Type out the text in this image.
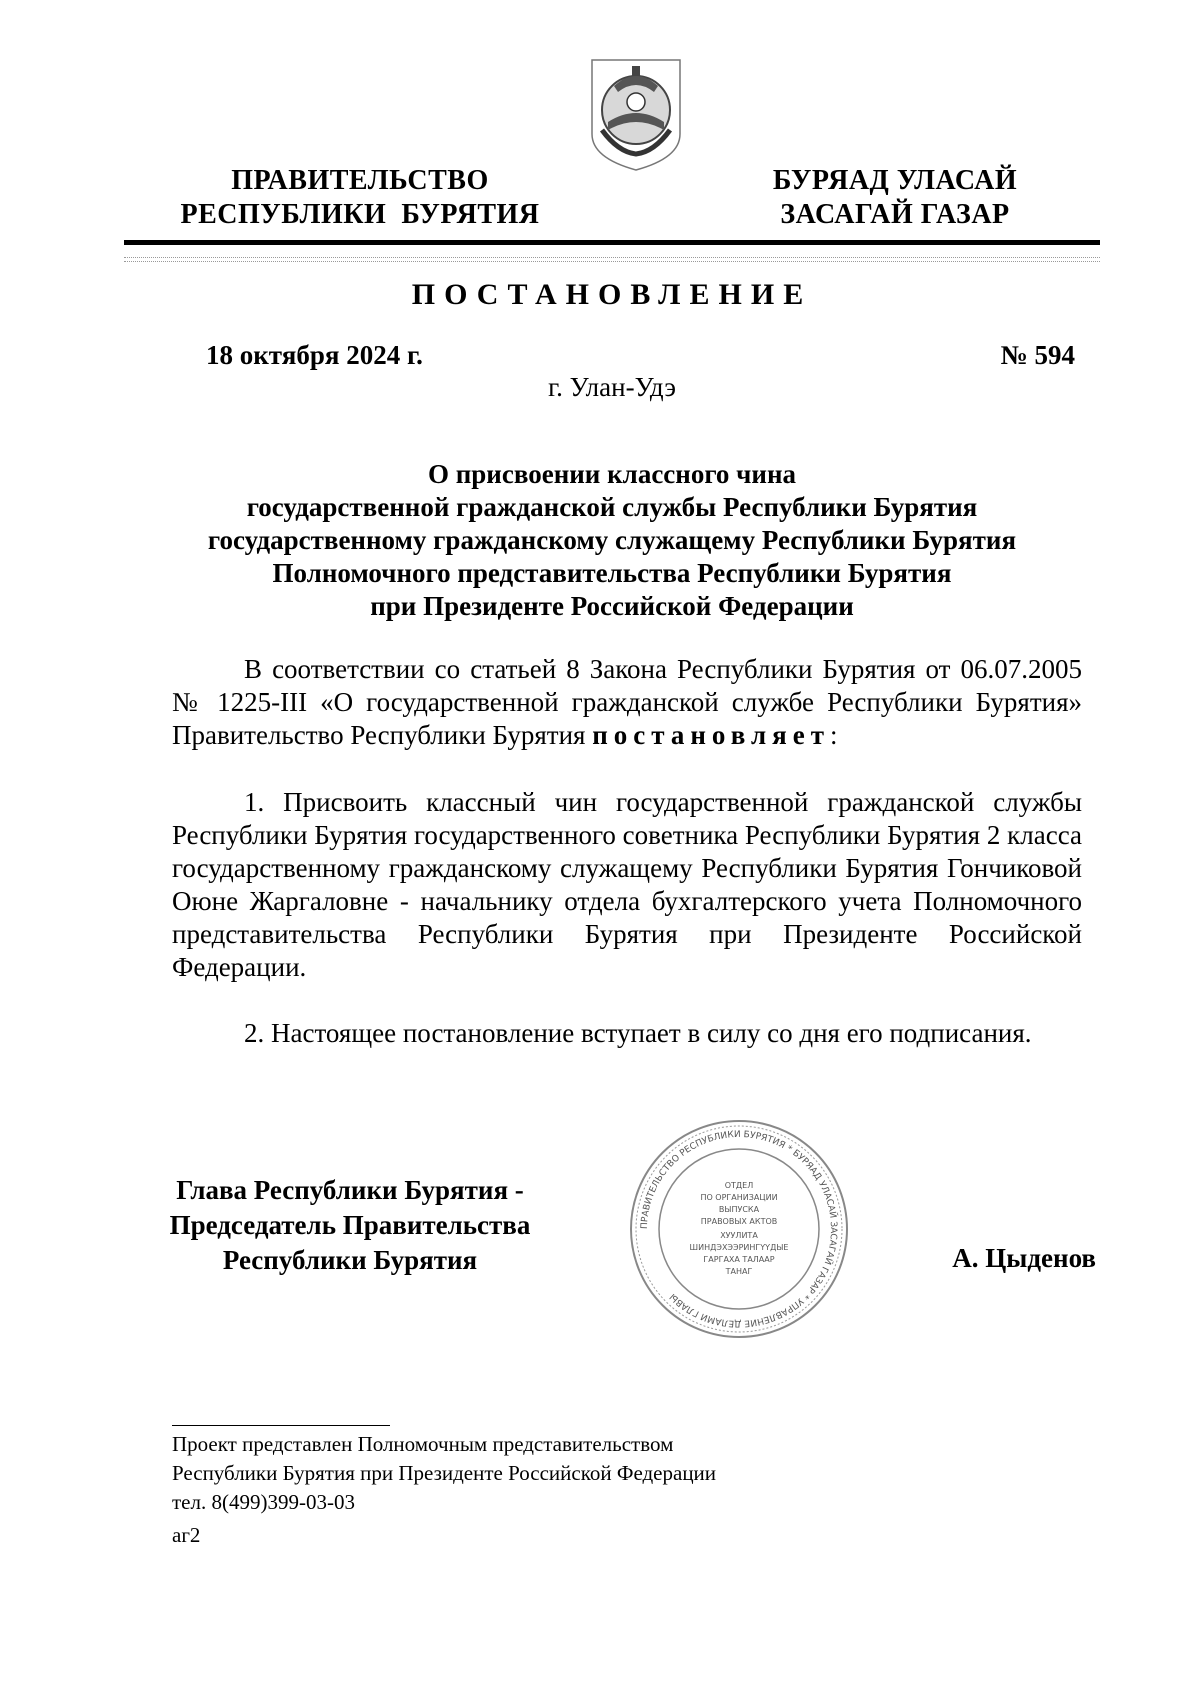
ПРАВИТЕЛЬСТВО
РЕСПУБЛИКИ  БУРЯТИЯ
БУРЯАД УЛАСАЙ
ЗАСАГАЙ ГАЗАР
ПОСТАНОВЛЕНИЕ
18 октября 2024 г.	№ 594
г. Улан-Удэ
О присвоении классного чина
государственной гражданской службы Республики Бурятия
государственному гражданскому служащему Республики Бурятия
Полномочного представительства Республики Бурятия
при Президенте Российской Федерации
В соответствии со статьей 8 Закона Республики Бурятия от 06.07.2005 № 1225-III «О государственной гражданской службе Республики Бурятия» Правительство Республики Бурятия постановляет:
1. Присвоить классный чин государственной гражданской службы Республики Бурятия государственного советника Республики Бурятия 2 класса государственному гражданскому служащему Республики Бурятия Гончиковой Оюне Жаргаловне - начальнику отдела бухгалтерского учета Полномочного представительства Республики Бурятия при Президенте Российской Федерации.
2. Настоящее постановление вступает в силу со дня его подписания.
Глава Республики Бурятия -
Председатель Правительства
Республики Бурятия
ПРАВИТЕЛЬСТВО РЕСПУБЛИКИ БУРЯТИЯ * БУРЯАД УЛАСАЙ ЗАСАГАЙ ГАЗАР * УПРАВЛЕНИЕ ДЕЛАМИ ГЛАВЫ
ОТДЕЛ
ПО ОРГАНИЗАЦИИ
ВЫПУСКА
ПРАВОВЫХ АКТОВ
ХУУЛИТА
ШИНДЭХЭЭРИНГҮҮДЫЕ
ГАРГАХА ТАЛААР
ТАНАГ	А. Цыденов
Проект представлен Полномочным представительством
Республики Бурятия при Президенте Российской Федерации
тел. 8(499)399-03-03
аг2
